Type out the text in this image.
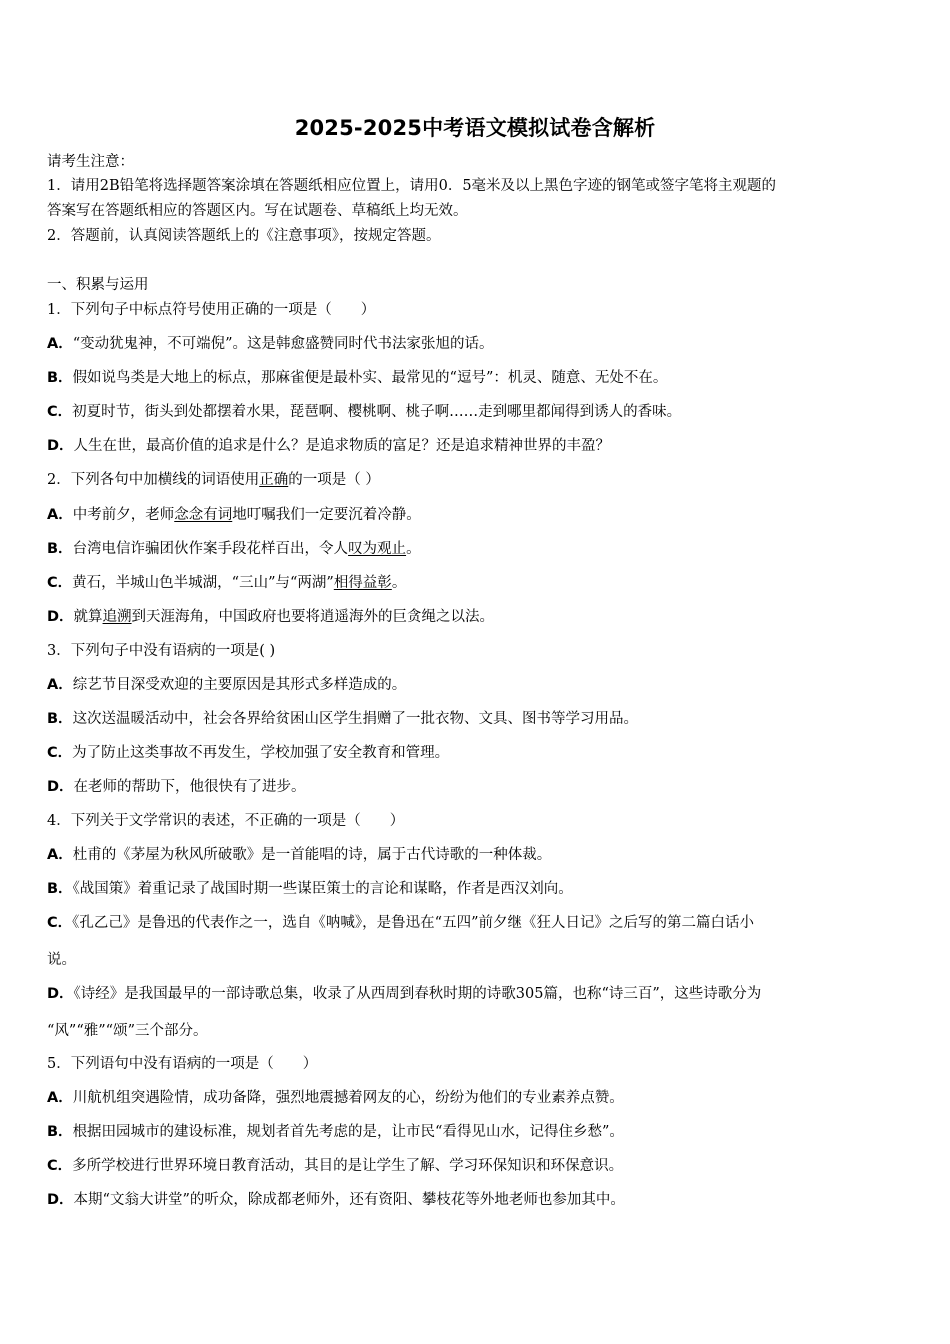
2025-2025中考语文模拟试卷含解析
请考生注意：
1．请用2B铅笔将选择题答案涂填在答题纸相应位置上，请用0．5毫米及以上黑色字迹的钢笔或签字笔将主观题的
答案写在答题纸相应的答题区内。写在试题卷、草稿纸上均无效。
2．答题前，认真阅读答题纸上的《注意事项》，按规定答题。
一、积累与运用
1．下列句子中标点符号使用正确的一项是（　　）
A．“变动犹鬼神，不可端倪”。这是韩愈盛赞同时代书法家张旭的话。
B．假如说鸟类是大地上的标点，那麻雀便是最朴实、最常见的“逗号”：机灵、随意、无处不在。
C．初夏时节，街头到处都摆着水果，琵琶啊、樱桃啊、桃子啊……走到哪里都闻得到诱人的香味。
D．人生在世，最高价值的追求是什么？是追求物质的富足？还是追求精神世界的丰盈？
2．下列各句中加横线的词语使用正确的一项是（ ）
A．中考前夕，老师念念有词地叮嘱我们一定要沉着冷静。
B．台湾电信诈骗团伙作案手段花样百出，令人叹为观止。
C．黄石，半城山色半城湖，“三山”与“两湖”相得益彰。
D．就算追溯到天涯海角，中国政府也要将逍遥海外的巨贪绳之以法。
3．下列句子中没有语病的一项是( )
A．综艺节目深受欢迎的主要原因是其形式多样造成的。
B．这次送温暖活动中，社会各界给贫困山区学生捐赠了一批衣物、文具、图书等学习用品。
C．为了防止这类事故不再发生，学校加强了安全教育和管理。
D．在老师的帮助下，他很快有了进步。
4．下列关于文学常识的表述，不正确的一项是（　　）
A．杜甫的《茅屋为秋风所破歌》是一首能唱的诗，属于古代诗歌的一种体裁。
B．《战国策》着重记录了战国时期一些谋臣策士的言论和谋略，作者是西汉刘向。
C．《孔乙己》是鲁迅的代表作之一，选自《呐喊》，是鲁迅在“五四”前夕继《狂人日记》之后写的第二篇白话小
说。
D．《诗经》是我国最早的一部诗歌总集，收录了从西周到春秋时期的诗歌305篇，也称“诗三百”，这些诗歌分为
“风”“雅”“颂”三个部分。
5．下列语句中没有语病的一项是（　　）
A．川航机组突遇险情，成功备降，强烈地震撼着网友的心，纷纷为他们的专业素养点赞。
B．根据田园城市的建设标准，规划者首先考虑的是，让市民“看得见山水，记得住乡愁”。
C．多所学校进行世界环境日教育活动，其目的是让学生了解、学习环保知识和环保意识。
D．本期“文翁大讲堂”的听众，除成都老师外，还有资阳、攀枝花等外地老师也参加其中。
